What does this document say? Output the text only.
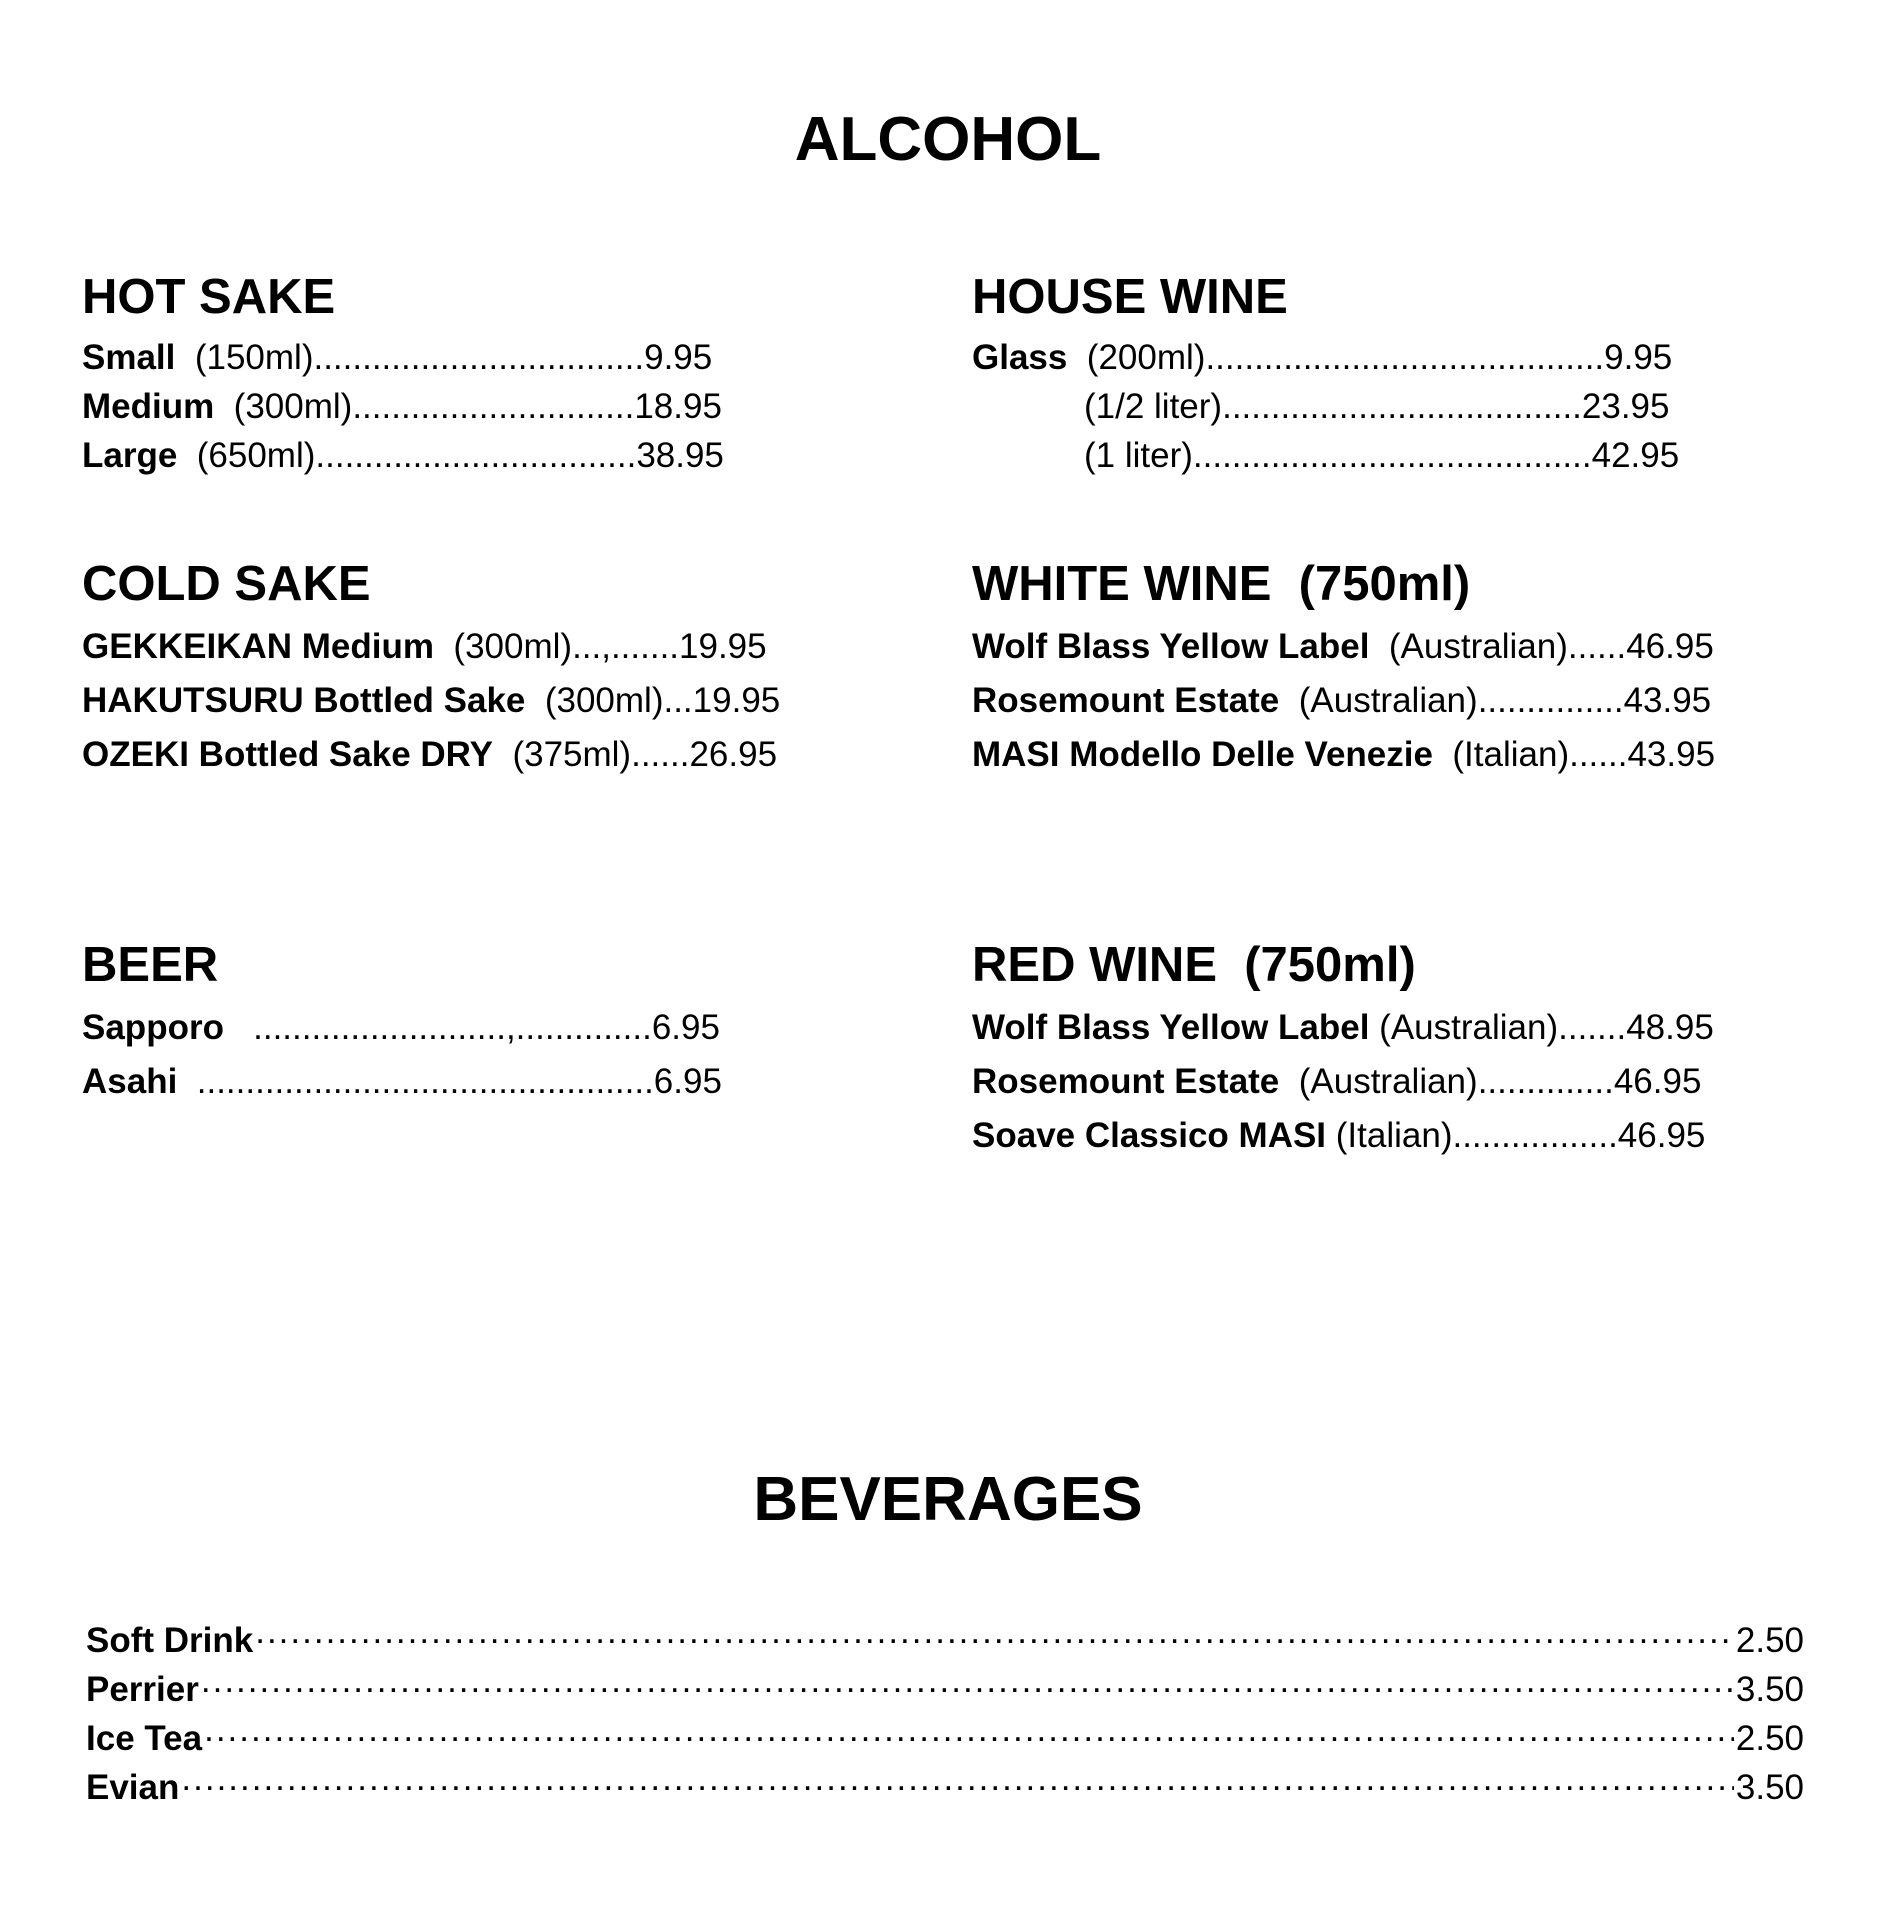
ALCOHOL
HOT SAKE
Small  (150ml)..................................9.95
Medium  (300ml).............................18.95
Large  (650ml).................................38.95
HOUSE WINE
Glass  (200ml).........................................9.95
(1/2 liter).....................................23.95
(1 liter).........................................42.95
COLD SAKE
GEKKEIKAN Medium  (300ml)...,.......19.95
HAKUTSURU Bottled Sake  (300ml)...19.95
OZEKI Bottled Sake DRY  (375ml)......26.95
WHITE WINE  (750ml)
Wolf Blass Yellow Label  (Australian)......46.95
Rosemount Estate  (Australian)...............43.95
MASI Modello Delle Venezie  (Italian)......43.95
BEER
Sapporo   ..........................,..............6.95
Asahi  ...............................................6.95
RED WINE  (750ml)
Wolf Blass Yellow Label (Australian).......48.95
Rosemount Estate  (Australian)..............46.95
Soave Classico MASI (Italian).................46.95
BEVERAGES
Soft Drink .....	2.50
Perrier .....	3.50
Ice Tea .....	2.50
Evian .....	3.50
